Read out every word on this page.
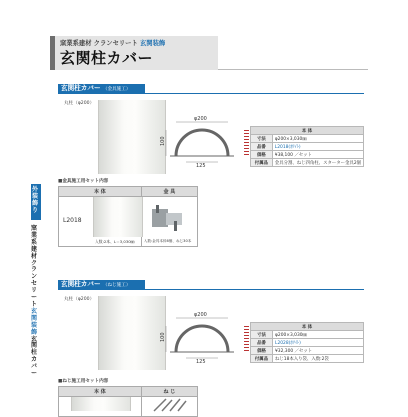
窯業系建材 クランセリート 玄関装飾
玄関柱カバー
外装飾り
窯業系建材 クランセリート 玄関装飾 玄関柱カバー
玄関柱カバー （金具施工）
丸柱（φ200）
φ200
100
125
本 体	
寸法	φ200×3,030㎜
品番	L2018(ﾎﾜｲﾄ)
価格	¥38,100 ／セット
付属品	金具分割、ねじ四角柱、スターター金具2個
■金具施工用セット内容
本 体	金 具

L2018
入数:2本、L＝3,030㎜	入数:金具本体6個、ねじ30本
玄関柱カバー （ねじ施工）
丸柱（φ200）
φ200
100
125
本 体	
寸法	φ200×3,030㎜
品番	L2028(ﾎﾜｲﾄ)
価格	¥32,300 ／セット
付属品	ねじ18本入り袋、入数:2袋
■ねじ施工用セット内容
本 体	ね じ
